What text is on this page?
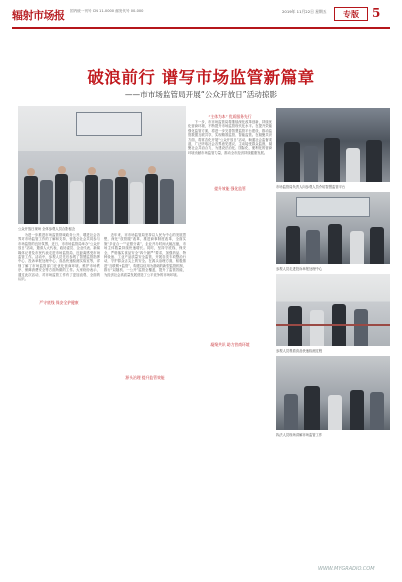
辐射市场报 国内统一刊号 CN 11-0000 邮发代号 00-000	2019年 11月22日 星期五	专版	5
破浪前行 谱写市场监管新篇章
——市市场监管局开展“公众开放日”活动掠影
公众开放日现场 全体参观人员合影留念

为进一步推进市场监管领域政务公开，增进社会各界对市场监管工作的了解和支持，营造全社会共同参与市场监管的良好氛围，近日，市市场监管局举办“公众开放日”活动，邀请人大代表、政协委员、企业代表、新闻媒体记者及市民代表走进市场监管局，近距离感受市场监管工作。活动中，参观人员先后参观了智慧监管指挥中心、投诉举报处理中心、食品快速检测实验室等，详细了解了市场监管部门在优化营商环境、维护市场秩序、保障消费安全等方面所做的工作。大家纷纷表示，通过此次活动，对市场监管工作有了更加直观、全面的认识。

严守底线 保安全护健康

近年来，市市场监管局坚持以人民为中心的发展思想，深化“放管服”改革，推进商事制度改革，全面实施“多证合一”“证照分离”，企业开办时间大幅压缩，市场主体数量持续快速增长。同时，坚持守底线、保安全，严格落实食品安全“四个最严”要求，加强药品、特种设备、工业产品质量安全监管，开展各类专项整治行动，守护群众舌尖上的安全。在源头治理方面，积极推进“互联网+监管”，构建以信用为基础的新型监管机制，推行“双随机、一公开”监管全覆盖，提升了监管效能，为经济社会高质量发展营造了公平竞争的市场环境。

源头治理 提升监管效能
“主体为本” 优质服务先行

下一步，市市场监管局将继续深化改革创新，持续优化营商环境，不断提升市场监管现代化水平。在提升效能强化监管方面，将进一步完善智慧监管平台建设，推动监管数据互联共享，实现精准监管、智能监管。在凝聚共识方面，将常态化开展“公众开放日”活动，畅通社会监督渠道，广泛听取社会各界意见建议，主动接受群众监督，凝聚社会共治合力，为建设法治化、国际化、便利化的营商环境贡献市场监管力量，推动全市经济持续健康发展。

提升效能 强化监管
凝聚共识 助力营商环境
市场监管局负责人向参观人员介绍智慧监管平台
参观人员走进投诉举报处理中心
参观人员观看食品快速检测过程
执法人员现场讲解市场监管工作
WWW.MYGRADIO.COM
